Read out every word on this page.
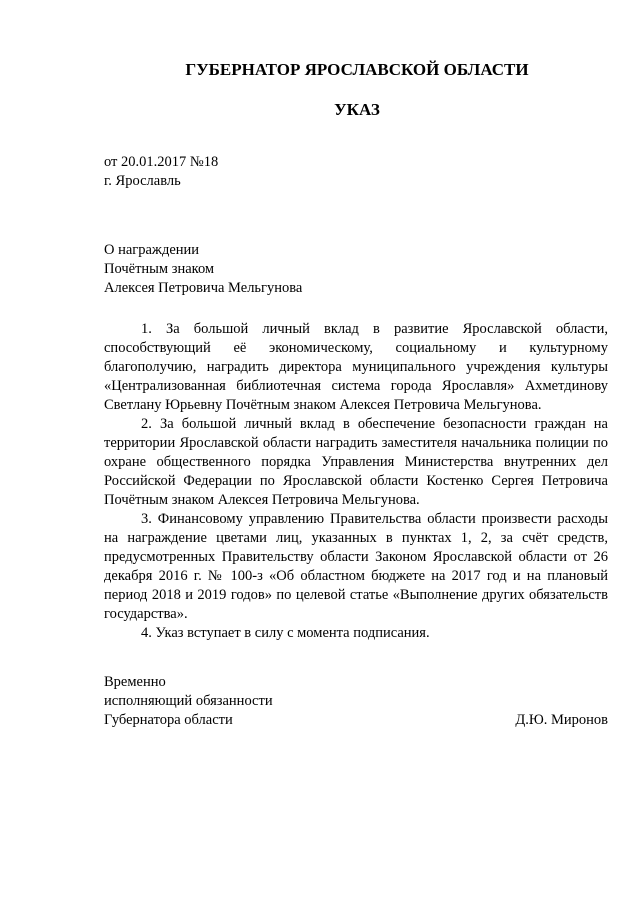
ГУБЕРНАТОР ЯРОСЛАВСКОЙ ОБЛАСТИ
УКАЗ
от 20.01.2017 №18
г. Ярославль
О награждении
Почётным знаком
Алексея Петровича Мельгунова

1. За большой личный вклад в развитие Ярославской области, способствующий её экономическому, социальному и культурному благополучию, наградить директора муниципального учреждения культуры «Централизованная библиотечная система города Ярославля» Ахметдинову Светлану Юрьевну Почётным знаком Алексея Петровича Мельгунова.

2. За большой личный вклад в обеспечение безопасности граждан на территории Ярославской области наградить заместителя начальника полиции по охране общественного порядка Управления Министерства внутренних дел Российской Федерации по Ярославской области Костенко Сергея Петровича Почётным знаком Алексея Петровича Мельгунова.

3. Финансовому управлению Правительства области произвести расходы на награждение цветами лиц, указанных в пунктах 1, 2, за счёт средств, предусмотренных Правительству области Законом Ярославской области от 26 декабря 2016 г. № 100-з «Об областном бюджете на 2017 год и на плановый период 2018 и 2019 годов» по целевой статье «Выполнение других обязательств государства».

4. Указ вступает в силу с момента подписания.

Временно
исполняющий обязанности
Губернатора области	Д.Ю. Миронов
